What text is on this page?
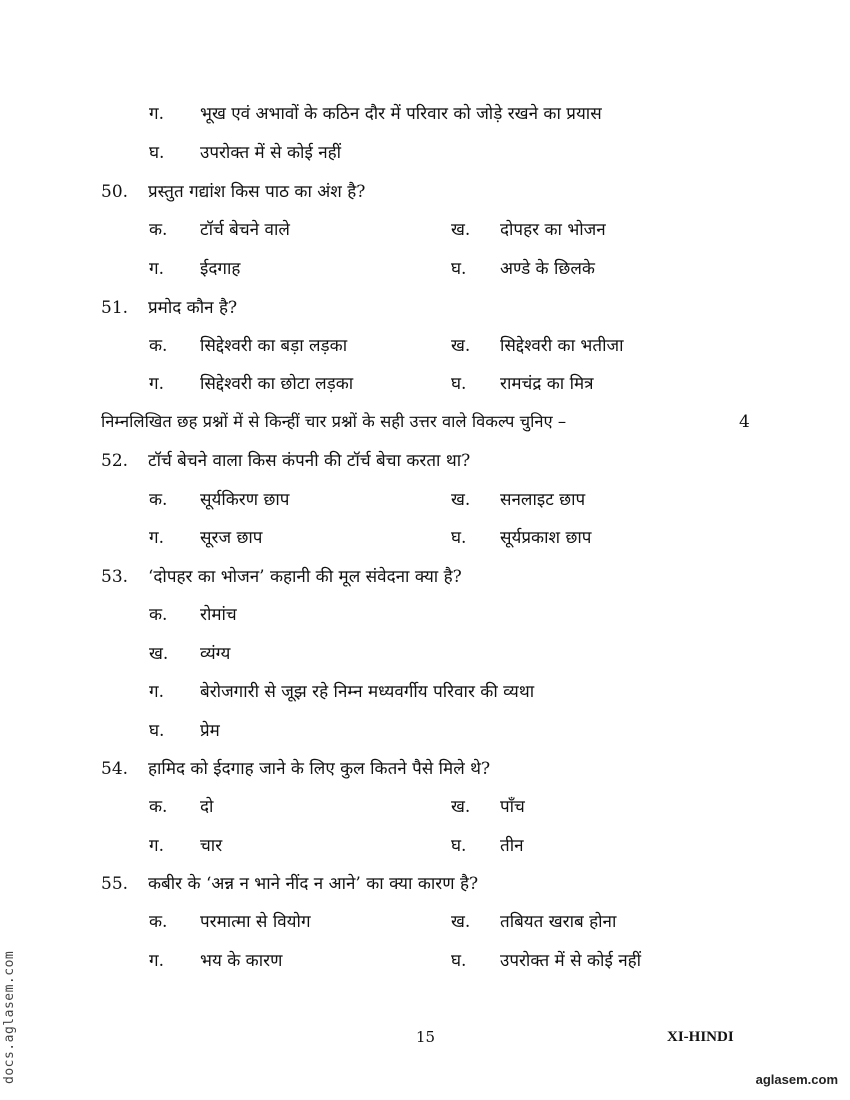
ग. भूख एवं अभावों के कठिन दौर में परिवार को जोड़े रखने का प्रयास
घ. उपरोक्त में से कोई नहीं
50. प्रस्तुत गद्यांश किस पाठ का अंश है?
क. टॉर्च बेचने वाले	ख. दोपहर का भोजन
ग. ईदगाह	घ. अण्डे के छिलके
51. प्रमोद कौन है?
क. सिद्देश्वरी का बड़ा लड़का	ख. सिद्देश्वरी का भतीजा
ग. सिद्देश्वरी का छोटा लड़का	घ. रामचंद्र का मित्र
निम्नलिखित छह प्रश्नों में से किन्हीं चार प्रश्नों के सही उत्तर वाले विकल्प चुनिए –	4
52. टॉर्च बेचने वाला किस कंपनी की टॉर्च बेचा करता था?
क. सूर्यकिरण छाप	ख. सनलाइट छाप
ग. सूरज छाप	घ. सूर्यप्रकाश छाप
53. ‘दोपहर का भोजन’ कहानी की मूल संवेदना क्या है?
क. रोमांच
ख. व्यंग्य
ग. बेरोजगारी से जूझ रहे निम्न मध्यवर्गीय परिवार की व्यथा
घ. प्रेम
54. हामिद को ईदगाह जाने के लिए कुल कितने पैसे मिले थे?
क. दो	ख. पाँच
ग. चार	घ. तीन
55. कबीर के ‘अन्न न भाने नींद न आने’ का क्या कारण है?
क. परमात्मा से वियोग	ख. तबियत खराब होना
ग. भय के कारण	घ. उपरोक्त में से कोई नहीं
15	XI-HINDI
aglasem.com
docs.aglasem.com
